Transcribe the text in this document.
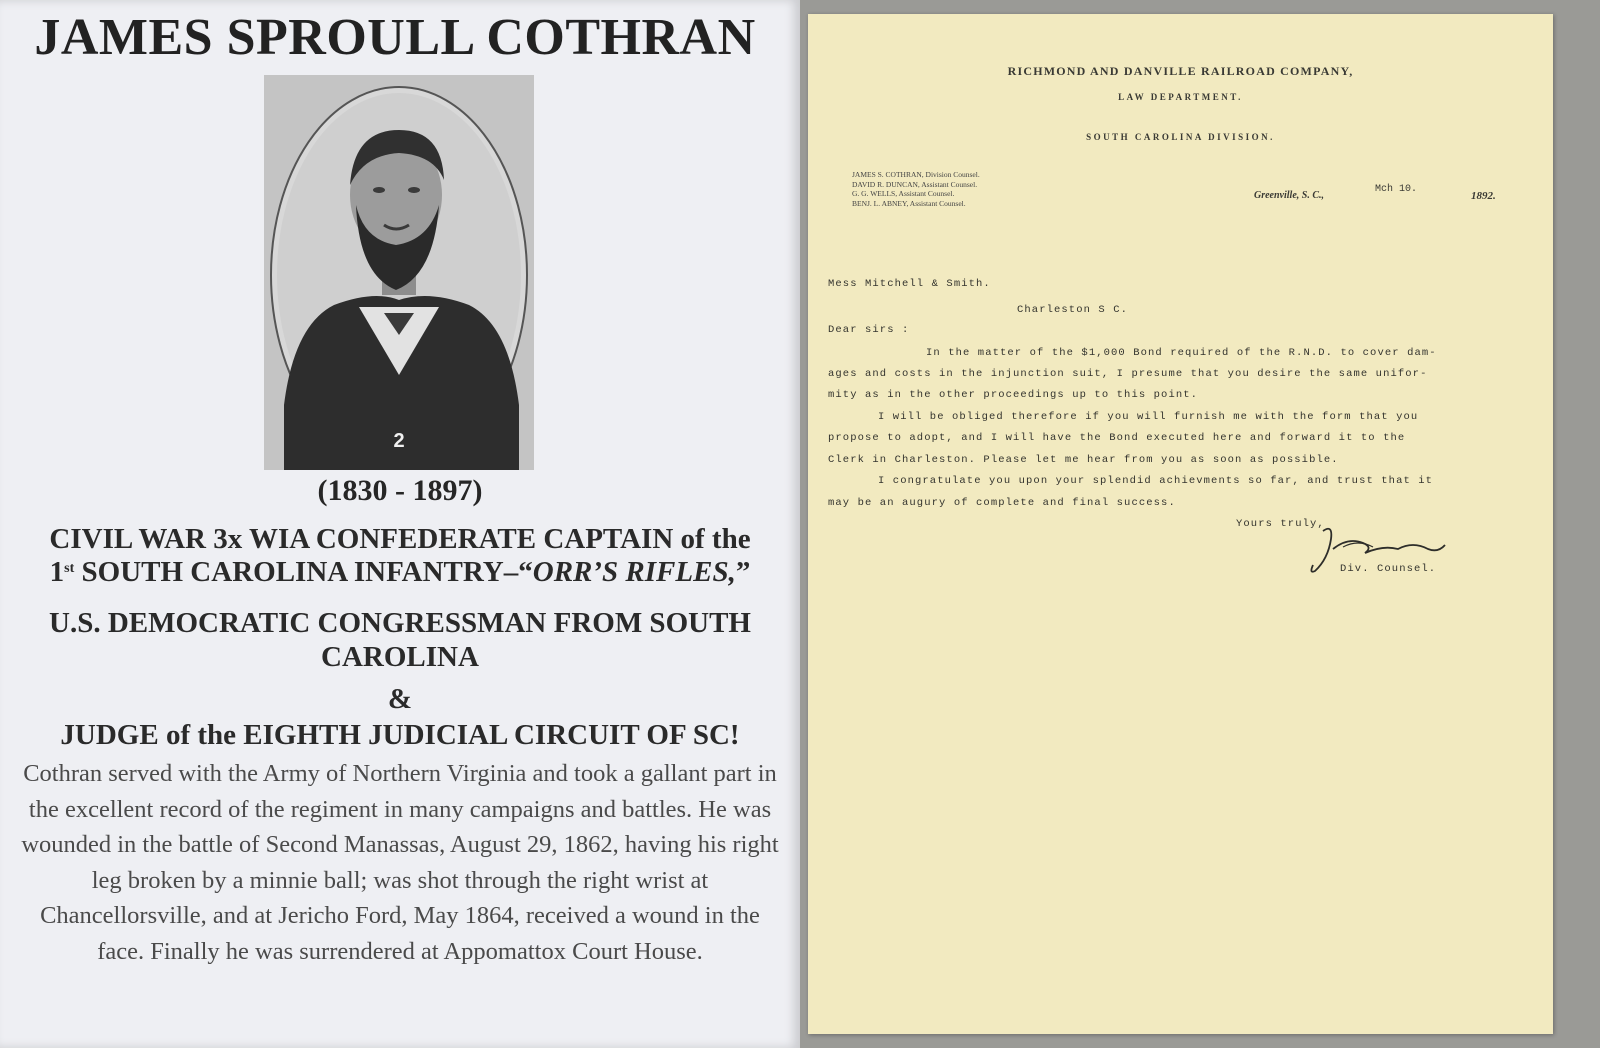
JAMES SPROULL COTHRAN
2
(1830 - 1897)
CIVIL WAR 3x WIA CONFEDERATE CAPTAIN of the
1st SOUTH CAROLINA INFANTRY–“ORR’S RIFLES,”
U.S. DEMOCRATIC CONGRESSMAN FROM SOUTH CAROLINA
&
JUDGE of the EIGHTH JUDICIAL CIRCUIT OF SC!
Cothran served with the Army of Northern Virginia and took a gallant part in the excellent record of the regiment in many campaigns and battles. He was wounded in the battle of Second Manassas, August 29, 1862, having his right leg broken by a minnie ball; was shot through the right wrist at Chancellorsville, and at Jericho Ford, May 1864, received a wound in the face. Finally he was surrendered at Appomattox Court House.
RICHMOND AND DANVILLE RAILROAD COMPANY,
LAW DEPARTMENT.
SOUTH CAROLINA DIVISION.
JAMES S. COTHRAN, Division Counsel.
DAVID R. DUNCAN, Assistant Counsel.
G. G. WELLS, Assistant Counsel.
BENJ. L. ABNEY, Assistant Counsel.
Greenville, S. C.,
Mch 10.
1892.
Mess Mitchell & Smith.
Charleston S C.
Dear sirs :
In the matter of the $1,000 Bond required of the R.N.D. to cover dam-
ages and costs in the injunction suit, I presume that you desire the same unifor-
mity as in the other proceedings up to this point.
I will be obliged therefore if you will furnish me with the form that you
propose to adopt, and I will have the Bond executed here and forward it to the
Clerk in Charleston. Please let me hear from you as soon as possible.
I congratulate you upon your splendid achievments so far, and trust that it
may be an augury of complete and final success.
Yours truly,
Div. Counsel.
